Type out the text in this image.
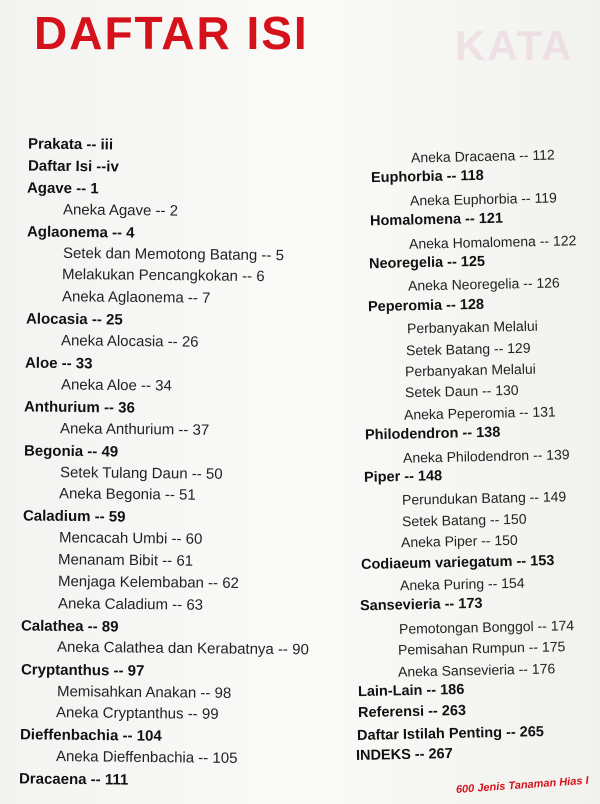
KATA
DAFTAR ISI
Prakata -- iii
Daftar Isi --iv
Agave -- 1
Aneka Agave -- 2
Aglaonema -- 4
Setek dan Memotong Batang -- 5
Melakukan Pencangkokan -- 6
Aneka Aglaonema -- 7
Alocasia -- 25
Aneka Alocasia -- 26
Aloe -- 33
Aneka Aloe -- 34
Anthurium -- 36
Aneka Anthurium -- 37
Begonia -- 49
Setek Tulang Daun -- 50
Aneka Begonia -- 51
Caladium -- 59
Mencacah Umbi -- 60
Menanam Bibit -- 61
Menjaga Kelembaban -- 62
Aneka Caladium -- 63
Calathea -- 89
Aneka Calathea dan Kerabatnya -- 90
Cryptanthus -- 97
Memisahkan Anakan -- 98
Aneka Cryptanthus -- 99
Dieffenbachia -- 104
Aneka Dieffenbachia -- 105
Dracaena -- 111
Aneka Dracaena -- 112
Euphorbia -- 118
Aneka Euphorbia -- 119
Homalomena -- 121
Aneka Homalomena -- 122
Neoregelia -- 125
Aneka Neoregelia -- 126
Peperomia -- 128
Perbanyakan Melalui
Setek Batang -- 129
Perbanyakan Melalui
Setek Daun -- 130
Aneka Peperomia -- 131
Philodendron -- 138
Aneka Philodendron -- 139
Piper -- 148
Perundukan Batang -- 149
Setek Batang -- 150
Aneka Piper -- 150
Codiaeum variegatum -- 153
Aneka Puring -- 154
Sansevieria -- 173
Pemotongan Bonggol -- 174
Pemisahan Rumpun -- 175
Aneka Sansevieria -- 176
Lain-Lain -- 186
Referensi -- 263
Daftar Istilah Penting -- 265
INDEKS -- 267
600 Jenis Tanaman Hias I
